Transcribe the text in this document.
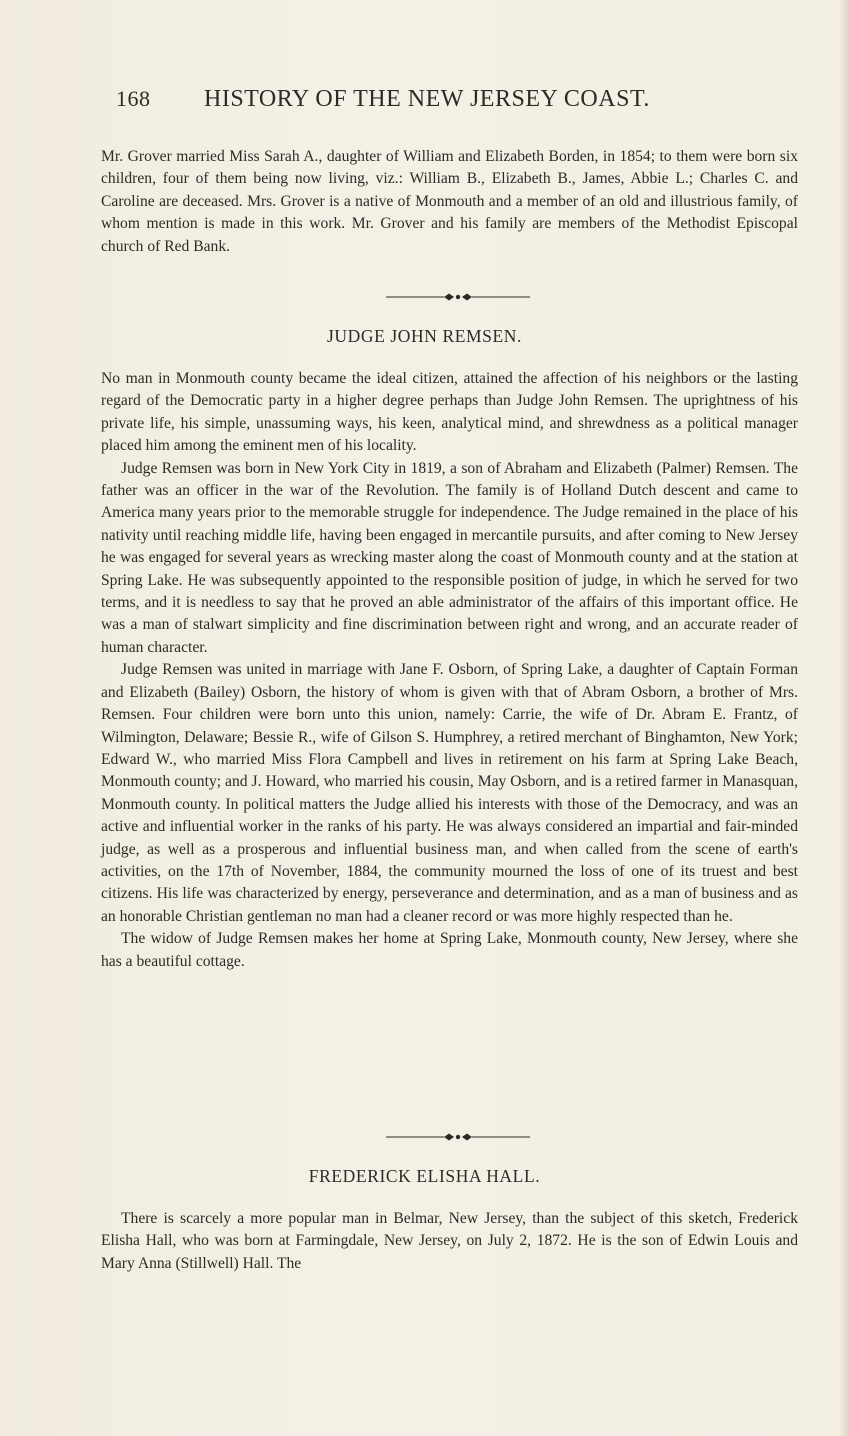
168 HISTORY OF THE NEW JERSEY COAST.

Mr. Grover married Miss Sarah A., daughter of William and Elizabeth Borden, in 1854; to them were born six children, four of them being now living, viz.: William B., Elizabeth B., James, Abbie L.; Charles C. and Caroline are deceased. Mrs. Grover is a native of Monmouth and a member of an old and illustrious family, of whom mention is made in this work. Mr. Grover and his family are members of the Methodist Episcopal church of Red Bank.

JUDGE JOHN REMSEN.

No man in Monmouth county became the ideal citizen, attained the affection of his neighbors or the lasting regard of the Democratic party in a higher degree perhaps than Judge John Remsen. The uprightness of his private life, his simple, unassuming ways, his keen, analytical mind, and shrewdness as a political manager placed him among the eminent men of his locality.

Judge Remsen was born in New York City in 1819, a son of Abraham and Elizabeth (Palmer) Remsen. The father was an officer in the war of the Revolution. The family is of Holland Dutch descent and came to America many years prior to the memorable struggle for independence. The Judge remained in the place of his nativity until reaching middle life, having been engaged in mercantile pursuits, and after coming to New Jersey he was engaged for several years as wrecking master along the coast of Monmouth county and at the station at Spring Lake. He was subsequently appointed to the responsible position of judge, in which he served for two terms, and it is needless to say that he proved an able administrator of the affairs of this important office. He was a man of stalwart simplicity and fine discrimination between right and wrong, and an accurate reader of human character.

Judge Remsen was united in marriage with Jane F. Osborn, of Spring Lake, a daughter of Captain Forman and Elizabeth (Bailey) Osborn, the history of whom is given with that of Abram Osborn, a brother of Mrs. Remsen. Four children were born unto this union, namely: Carrie, the wife of Dr. Abram E. Frantz, of Wilmington, Delaware; Bessie R., wife of Gilson S. Humphrey, a retired merchant of Binghamton, New York; Edward W., who married Miss Flora Campbell and lives in retirement on his farm at Spring Lake Beach, Monmouth county; and J. Howard, who married his cousin, May Osborn, and is a retired farmer in Manasquan, Monmouth county. In political matters the Judge allied his interests with those of the Democracy, and was an active and influential worker in the ranks of his party. He was always considered an impartial and fair-minded judge, as well as a prosperous and influential business man, and when called from the scene of earth's activities, on the 17th of November, 1884, the community mourned the loss of one of its truest and best citizens. His life was characterized by energy, perseverance and determination, and as a man of business and as an honorable Christian gentleman no man had a cleaner record or was more highly respected than he.

The widow of Judge Remsen makes her home at Spring Lake, Monmouth county, New Jersey, where she has a beautiful cottage.

FREDERICK ELISHA HALL.

There is scarcely a more popular man in Belmar, New Jersey, than the subject of this sketch, Frederick Elisha Hall, who was born at Farmingdale, New Jersey, on July 2, 1872. He is the son of Edwin Louis and Mary Anna (Stillwell) Hall. The
